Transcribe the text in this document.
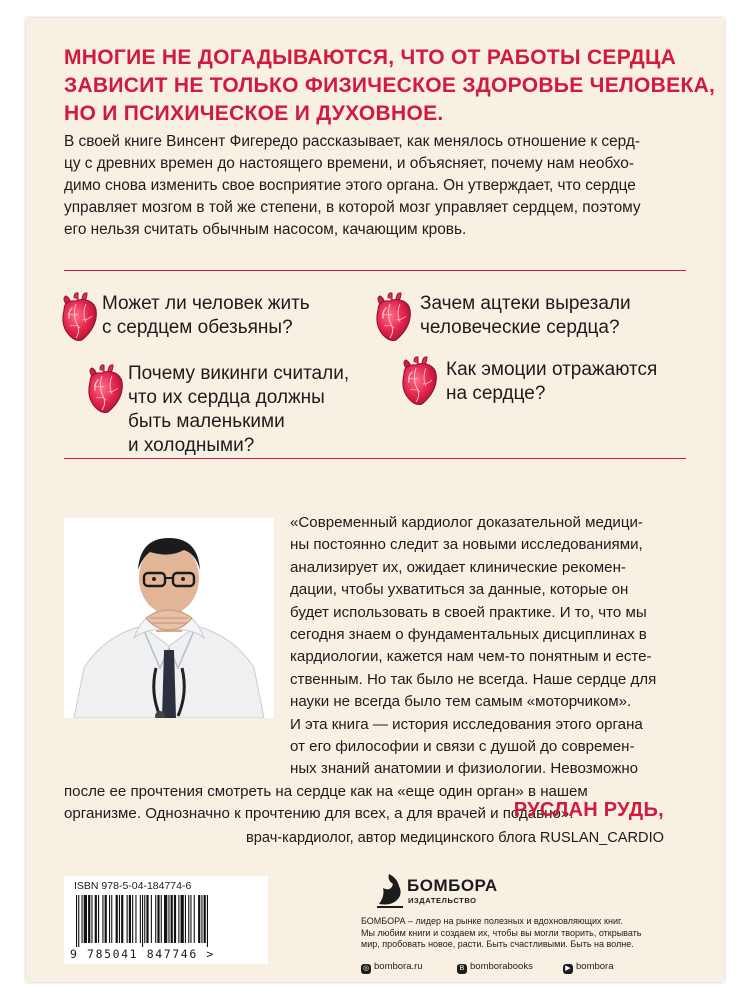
МНОГИЕ НЕ ДОГАДЫВАЮТСЯ, ЧТО ОТ РАБОТЫ СЕРДЦА
ЗАВИСИТ НЕ ТОЛЬКО ФИЗИЧЕСКОЕ ЗДОРОВЬЕ ЧЕЛОВЕКА,
НО И ПСИХИЧЕСКОЕ И ДУХОВНОЕ.
В своей книге Винсент Фигередо рассказывает, как менялось отношение к серд-
цу с древних времен до настоящего времени, и объясняет, почему нам необхо-
димо снова изменить свое восприятие этого органа. Он утверждает, что сердце
управляет мозгом в той же степени, в которой мозг управляет сердцем, поэтому
его нельзя считать обычным насосом, качающим кровь.
Может ли человек жить
с сердцем обезьяны?
Почему викинги считали,
что их сердца должны
быть маленькими
и холодными?
Зачем ацтеки вырезали
человеческие сердца?
Как эмоции отражаются
на сердце?
«Современный кардиолог доказательной медици-
ны постоянно следит за новыми исследованиями,
анализирует их, ожидает клинические рекомен-
дации, чтобы ухватиться за данные, которые он
будет использовать в своей практике. И то, что мы
сегодня знаем о фундаментальных дисциплинах в
кардиологии, кажется нам чем-то понятным и есте-
ственным. Но так было не всегда. Наше сердце для
науки не всегда было тем самым «моторчиком».
И эта книга — история исследования этого органа
от его философии и связи с душой до современ-
ных знаний анатомии и физиологии. Невозможно
после ее прочтения смотреть на сердце как на «еще один орган» в нашем
организме. Однозначно к прочтению для всех, а для врачей и подавно».
РУСЛАН РУДЬ,
врач-кардиолог, автор медицинского блога RUSLAN_CARDIO
ISBN 978-5-04-184774-6
9 785041 847746 >
БОМБОРА
ИЗДАТЕЛЬСТВО
БОМБОРА – лидер на рынке полезных и вдохновляющих книг.
Мы любим книги и создаем их, чтобы вы могли творить, открывать
мир, пробовать новое, расти. Быть счастливыми. Быть на волне.
◎ bombora.ru	В bomborabooks	▶ bombora
